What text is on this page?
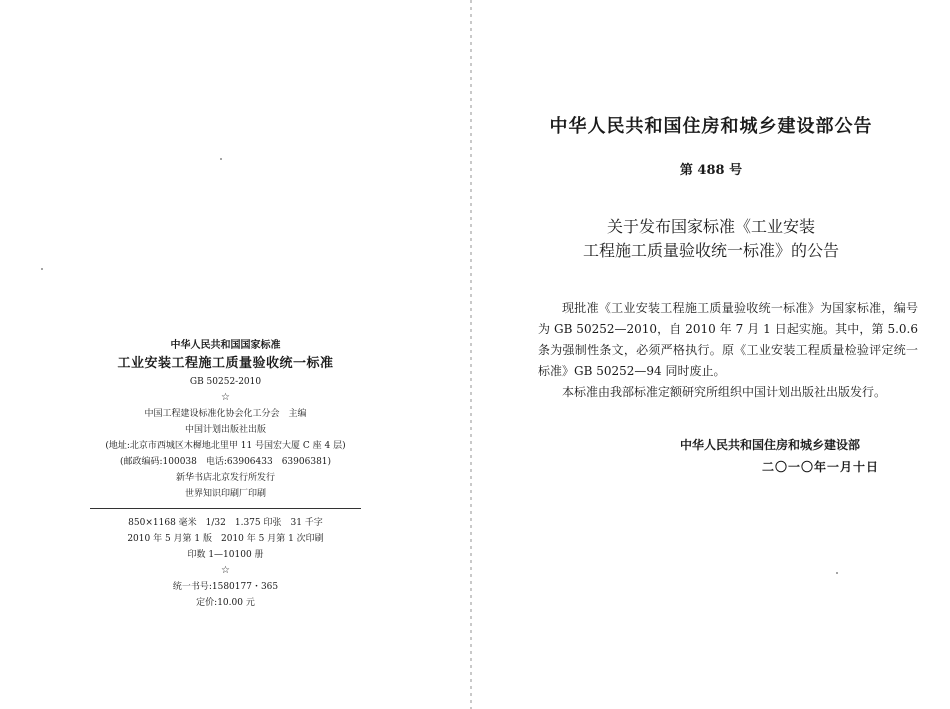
中华人民共和国国家标准
工业安装工程施工质量验收统一标准
GB 50252-2010
☆
中国工程建设标准化协会化工分会　主编
中国计划出版社出版
(地址:北京市西城区木樨地北里甲 11 号国宏大厦 C 座 4 层)
(邮政编码:100038　电话:63906433　63906381)
新华书店北京发行所发行
世界知识印刷厂印刷
850×1168 毫米　1/32　1.375 印张　31 千字
2010 年 5 月第 1 版　2010 年 5 月第 1 次印刷
印数 1—10100 册
☆
统一书号:1580177・365
定价:10.00 元
中华人民共和国住房和城乡建设部公告
第 488 号
关于发布国家标准《工业安装
工程施工质量验收统一标准》的公告

现批准《工业安装工程施工质量验收统一标准》为国家标准，编号为 GB 50252—2010，自 2010 年 7 月 1 日起实施。其中，第 5.0.6条为强制性条文，必须严格执行。原《工业安装工程质量检验评定统一标准》GB 50252—94 同时废止。

本标准由我部标准定额研究所组织中国计划出版社出版发行。

中华人民共和国住房和城乡建设部
二〇一〇年一月十日
